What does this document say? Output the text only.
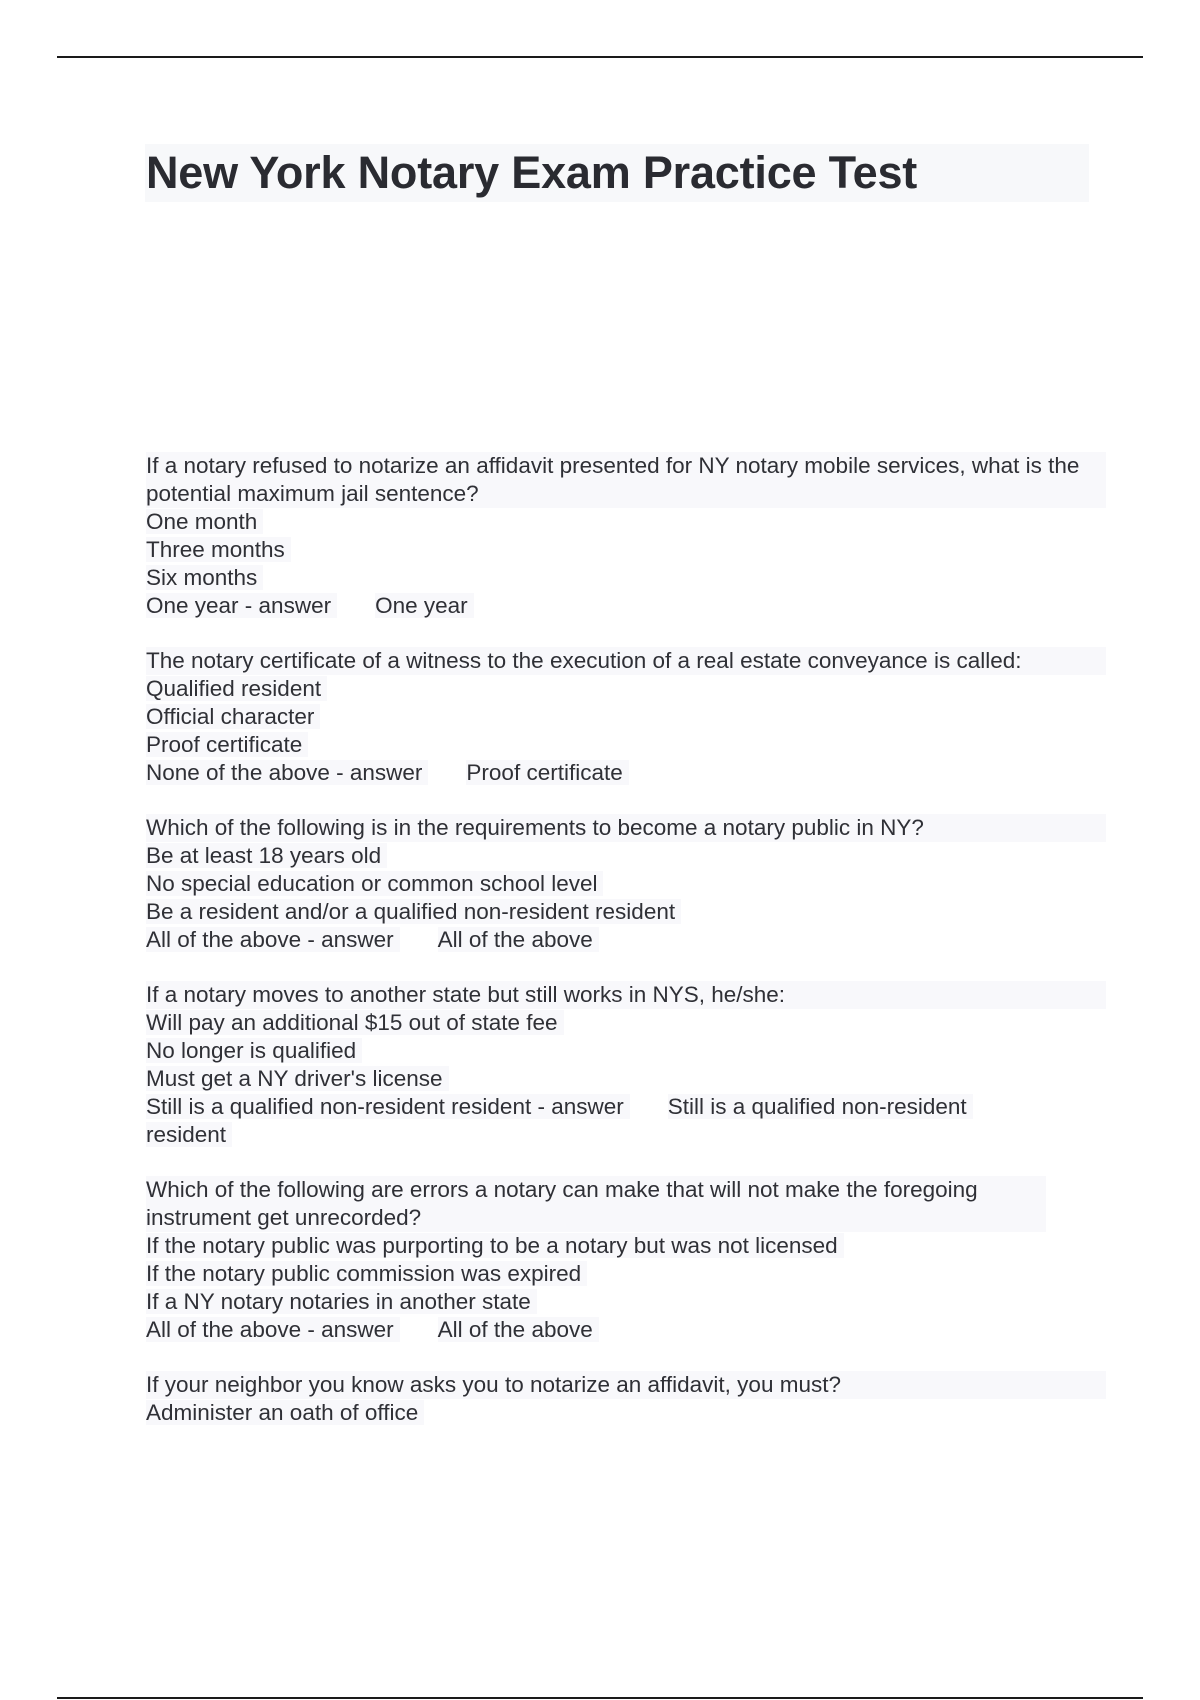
New York Notary Exam Practice Test
If a notary refused to notarize an affidavit presented for NY notary mobile services, what is the potential maximum jail sentence?
One month
Three months
Six months
One year - answer One year
The notary certificate of a witness to the execution of a real estate conveyance is called:
Qualified resident
Official character
Proof certificate
None of the above - answer Proof certificate
Which of the following is in the requirements to become a notary public in NY?
Be at least 18 years old
No special education or common school level
Be a resident and/or a qualified non-resident resident
All of the above - answer All of the above
If a notary moves to another state but still works in NYS, he/she:
Will pay an additional $15 out of state fee
No longer is qualified
Must get a NY driver's license
Still is a qualified non-resident resident - answer Still is a qualified non-resident resident
Which of the following are errors a notary can make that will not make the foregoing instrument get unrecorded?
If the notary public was purporting to be a notary but was not licensed
If the notary public commission was expired
If a NY notary notaries in another state
All of the above - answer All of the above
If your neighbor you know asks you to notarize an affidavit, you must?
Administer an oath of office
